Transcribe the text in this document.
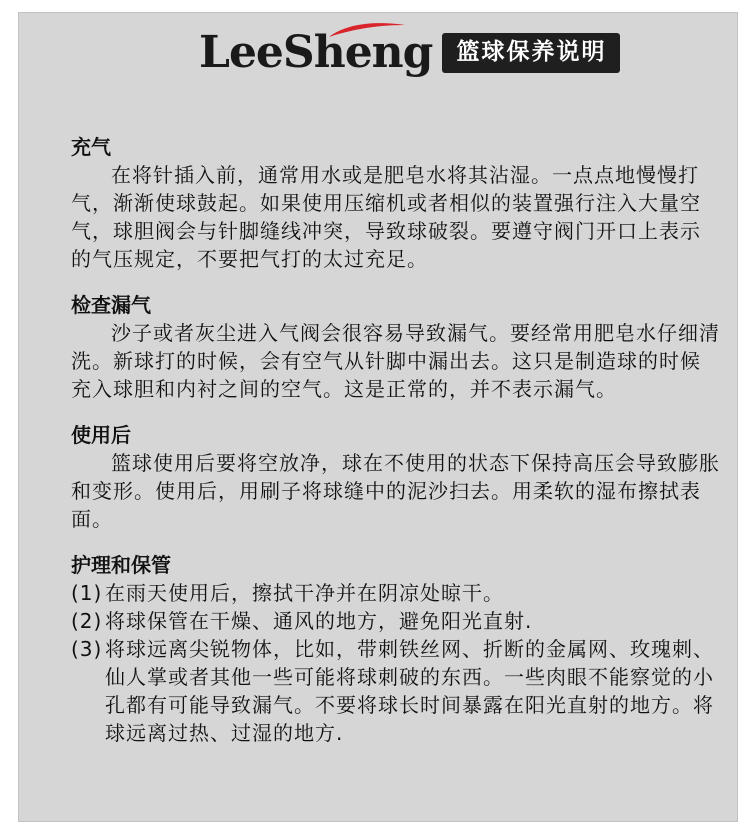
LeeSheng	篮球保养说明
充气

在将针插入前，通常用水或是肥皂水将其沾湿。一点点地慢慢打气，渐渐使球鼓起。如果使用压缩机或者相似的装置强行注入大量空气，球胆阀会与针脚缝线冲突，导致球破裂。要遵守阀门开口上表示的气压规定，不要把气打的太过充足。

检查漏气

沙子或者灰尘进入气阀会很容易导致漏气。要经常用肥皂水仔细清洗。新球打的时候，会有空气从针脚中漏出去。这只是制造球的时候充入球胆和内衬之间的空气。这是正常的，并不表示漏气。

使用后

篮球使用后要将空放净，球在不使用的状态下保持高压会导致膨胀和变形。使用后，用刷子将球缝中的泥沙扫去。用柔软的湿布擦拭表面。

护理和保管
(1) 在雨天使用后，擦拭干净并在阴凉处晾干。
(2) 将球保管在干燥、通风的地方，避免阳光直射.
(3) 将球远离尖锐物体，比如，带刺铁丝网、折断的金属网、玫瑰刺、仙人掌或者其他一些可能将球刺破的东西。一些肉眼不能察觉的小孔都有可能导致漏气。不要将球长时间暴露在阳光直射的地方。将球远离过热、过湿的地方.
